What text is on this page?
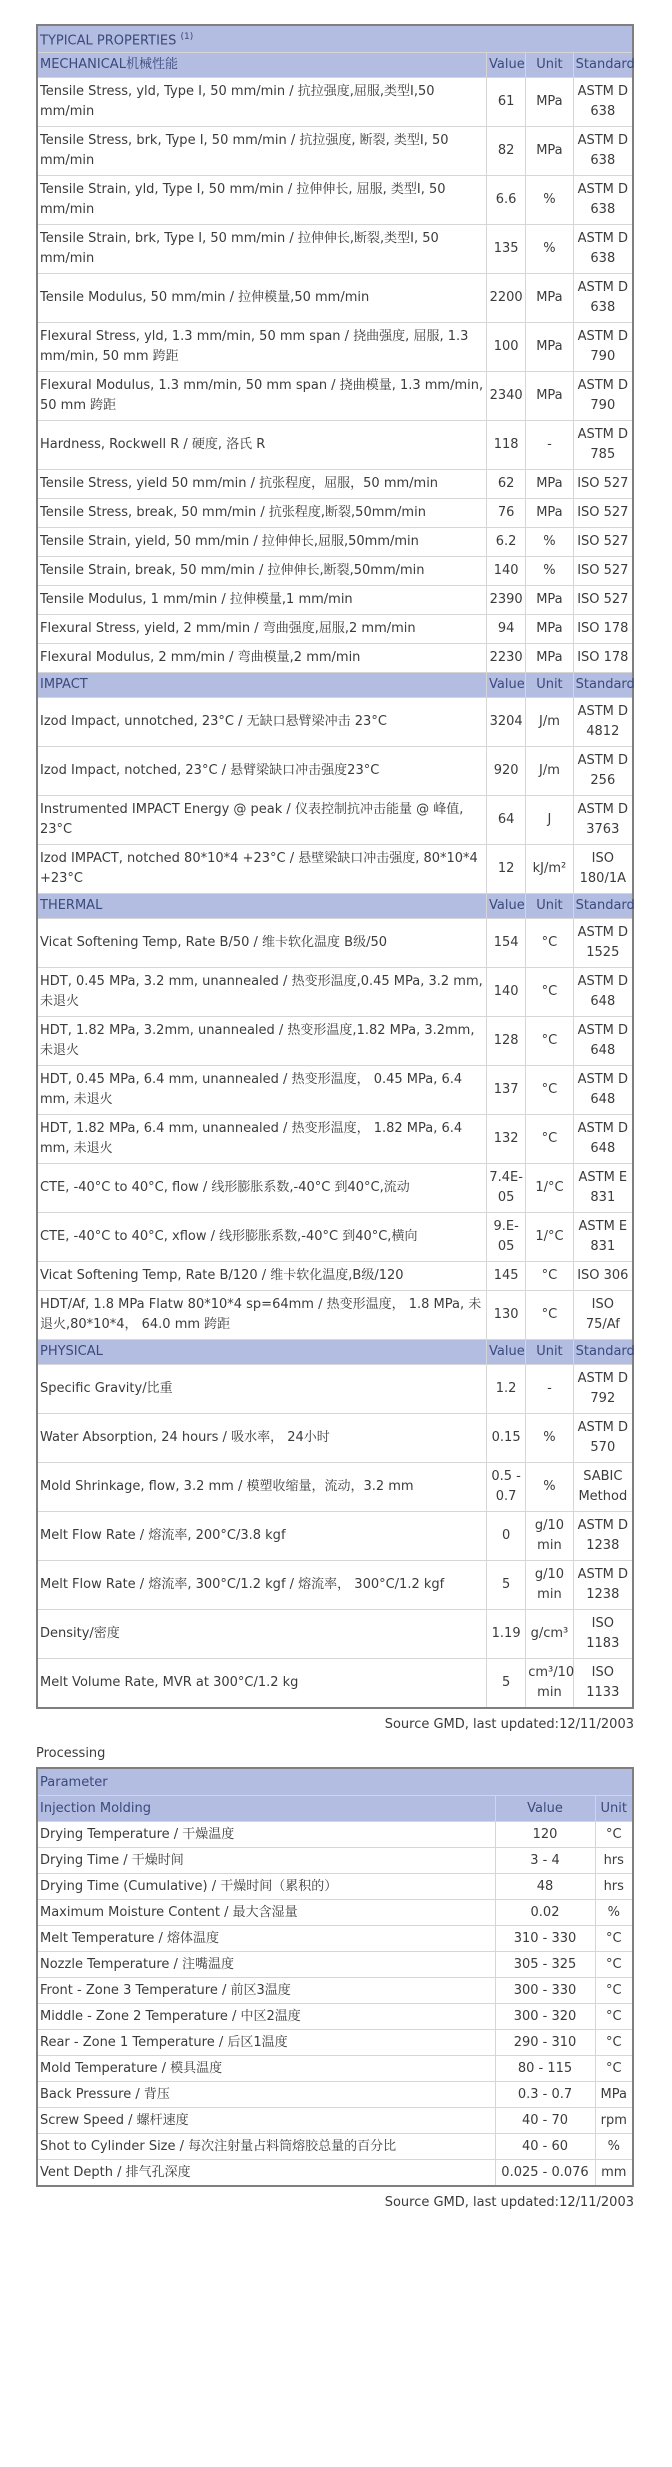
TYPICAL PROPERTIES $^{(1)}$
MECHANICAL机械性能	Value	Unit	Standard
Tensile Stress, yld, Type I, 50 mm/min / 抗拉强度,屈服,类型I,50 mm/min	61	MPa	ASTM D 638
Tensile Stress, brk, Type I, 50 mm/min / 抗拉强度, 断裂, 类型I, 50 mm/min	82	MPa	ASTM D 638
Tensile Strain, yld, Type I, 50 mm/min / 拉伸伸长, 屈服, 类型I, 50 mm/min	6.6	%	ASTM D 638
Tensile Strain, brk, Type I, 50 mm/min / 拉伸伸长,断裂,类型I, 50 mm/min	135	%	ASTM D 638
Tensile Modulus, 50 mm/min / 拉伸模量,50 mm/min	2200	MPa	ASTM D 638
Flexural Stress, yld, 1.3 mm/min, 50 mm span / 挠曲强度, 屈服, 1.3 mm/min, 50 mm 跨距	100	MPa	ASTM D 790
Flexural Modulus, 1.3 mm/min, 50 mm span / 挠曲模量, 1.3 mm/min, 50 mm 跨距	2340	MPa	ASTM D 790
Hardness, Rockwell R / 硬度, 洛氏 R	118	-	ASTM D 785
Tensile Stress, yield 50 mm/min / 抗张程度，屈服，50 mm/min	62	MPa	ISO 527
Tensile Stress, break, 50 mm/min / 抗张程度,断裂,50mm/min	76	MPa	ISO 527
Tensile Strain, yield, 50 mm/min / 拉伸伸长,屈服,50mm/min	6.2	%	ISO 527
Tensile Strain, break, 50 mm/min / 拉伸伸长,断裂,50mm/min	140	%	ISO 527
Tensile Modulus, 1 mm/min / 拉伸模量,1 mm/min	2390	MPa	ISO 527
Flexural Stress, yield, 2 mm/min / 弯曲强度,屈服,2 mm/min	94	MPa	ISO 178
Flexural Modulus, 2 mm/min / 弯曲模量,2 mm/min	2230	MPa	ISO 178
IMPACT	Value	Unit	Standard
Izod Impact, unnotched, 23°C / 无缺口悬臂梁冲击 23°C	3204	J/m	ASTM D 4812
Izod Impact, notched, 23°C / 悬臂梁缺口冲击强度23°C	920	J/m	ASTM D 256
Instrumented IMPACT Energy @ peak / 仪表控制抗冲击能量 @ 峰值, 23°C	64	J	ASTM D 3763
Izod IMPACT, notched 80*10*4 +23°C / 悬壁梁缺口冲击强度, 80*10*4 +23°C	12	kJ/m²	ISO 180/1A
THERMAL	Value	Unit	Standard
Vicat Softening Temp, Rate B/50 / 维卡软化温度 B级/50	154	°C	ASTM D 1525
HDT, 0.45 MPa, 3.2 mm, unannealed / 热变形温度,0.45 MPa, 3.2 mm,未退火	140	°C	ASTM D 648
HDT, 1.82 MPa, 3.2mm, unannealed / 热变形温度,1.82 MPa, 3.2mm,未退火	128	°C	ASTM D 648
HDT, 0.45 MPa, 6.4 mm, unannealed / 热变形温度， 0.45 MPa, 6.4 mm, 未退火	137	°C	ASTM D 648
HDT, 1.82 MPa, 6.4 mm, unannealed / 热变形温度， 1.82 MPa, 6.4 mm, 未退火	132	°C	ASTM D 648
CTE, -40°C to 40°C, flow / 线形膨胀系数,-40°C 到40°C,流动	7.4E-05	1/°C	ASTM E 831
CTE, -40°C to 40°C, xflow / 线形膨胀系数,-40°C 到40°C,横向	9.E-05	1/°C	ASTM E 831
Vicat Softening Temp, Rate B/120 / 维卡软化温度,B级/120	145	°C	ISO 306
HDT/Af, 1.8 MPa Flatw 80*10*4 sp=64mm / 热变形温度， 1.8 MPa, 未退火,80*10*4， 64.0 mm 跨距	130	°C	ISO 75/Af
PHYSICAL	Value	Unit	Standard
Specific Gravity/比重	1.2	-	ASTM D 792
Water Absorption, 24 hours / 吸水率， 24小时	0.15	%	ASTM D 570
Mold Shrinkage, flow, 3.2 mm / 模塑收缩量，流动，3.2 mm	0.5 - 0.7	%	SABIC Method
Melt Flow Rate / 熔流率, 200°C/3.8 kgf	0	g/10 min	ASTM D 1238
Melt Flow Rate / 熔流率, 300°C/1.2 kgf / 熔流率， 300°C/1.2 kgf	5	g/10 min	ASTM D 1238
Density/密度	1.19	g/cm³	ISO 1183
Melt Volume Rate, MVR at 300°C/1.2 kg	5	cm³/10 min	ISO 1133
Source GMD, last updated:12/11/2003
Processing
Parameter		
Injection Molding	Value	Unit
Drying Temperature / 干燥温度	120	°C
Drying Time / 干燥时间	3 - 4	hrs
Drying Time (Cumulative) / 干燥时间（累积的）	48	hrs
Maximum Moisture Content / 最大含湿量	0.02	%
Melt Temperature / 熔体温度	310 - 330	°C
Nozzle Temperature / 注嘴温度	305 - 325	°C
Front - Zone 3 Temperature / 前区3温度	300 - 330	°C
Middle - Zone 2 Temperature / 中区2温度	300 - 320	°C
Rear - Zone 1 Temperature / 后区1温度	290 - 310	°C
Mold Temperature / 模具温度	80 - 115	°C
Back Pressure / 背压	0.3 - 0.7	MPa
Screw Speed / 螺杆速度	40 - 70	rpm
Shot to Cylinder Size / 每次注射量占料筒熔胶总量的百分比	40 - 60	%
Vent Depth / 排气孔深度	0.025 - 0.076	mm
Source GMD, last updated:12/11/2003
